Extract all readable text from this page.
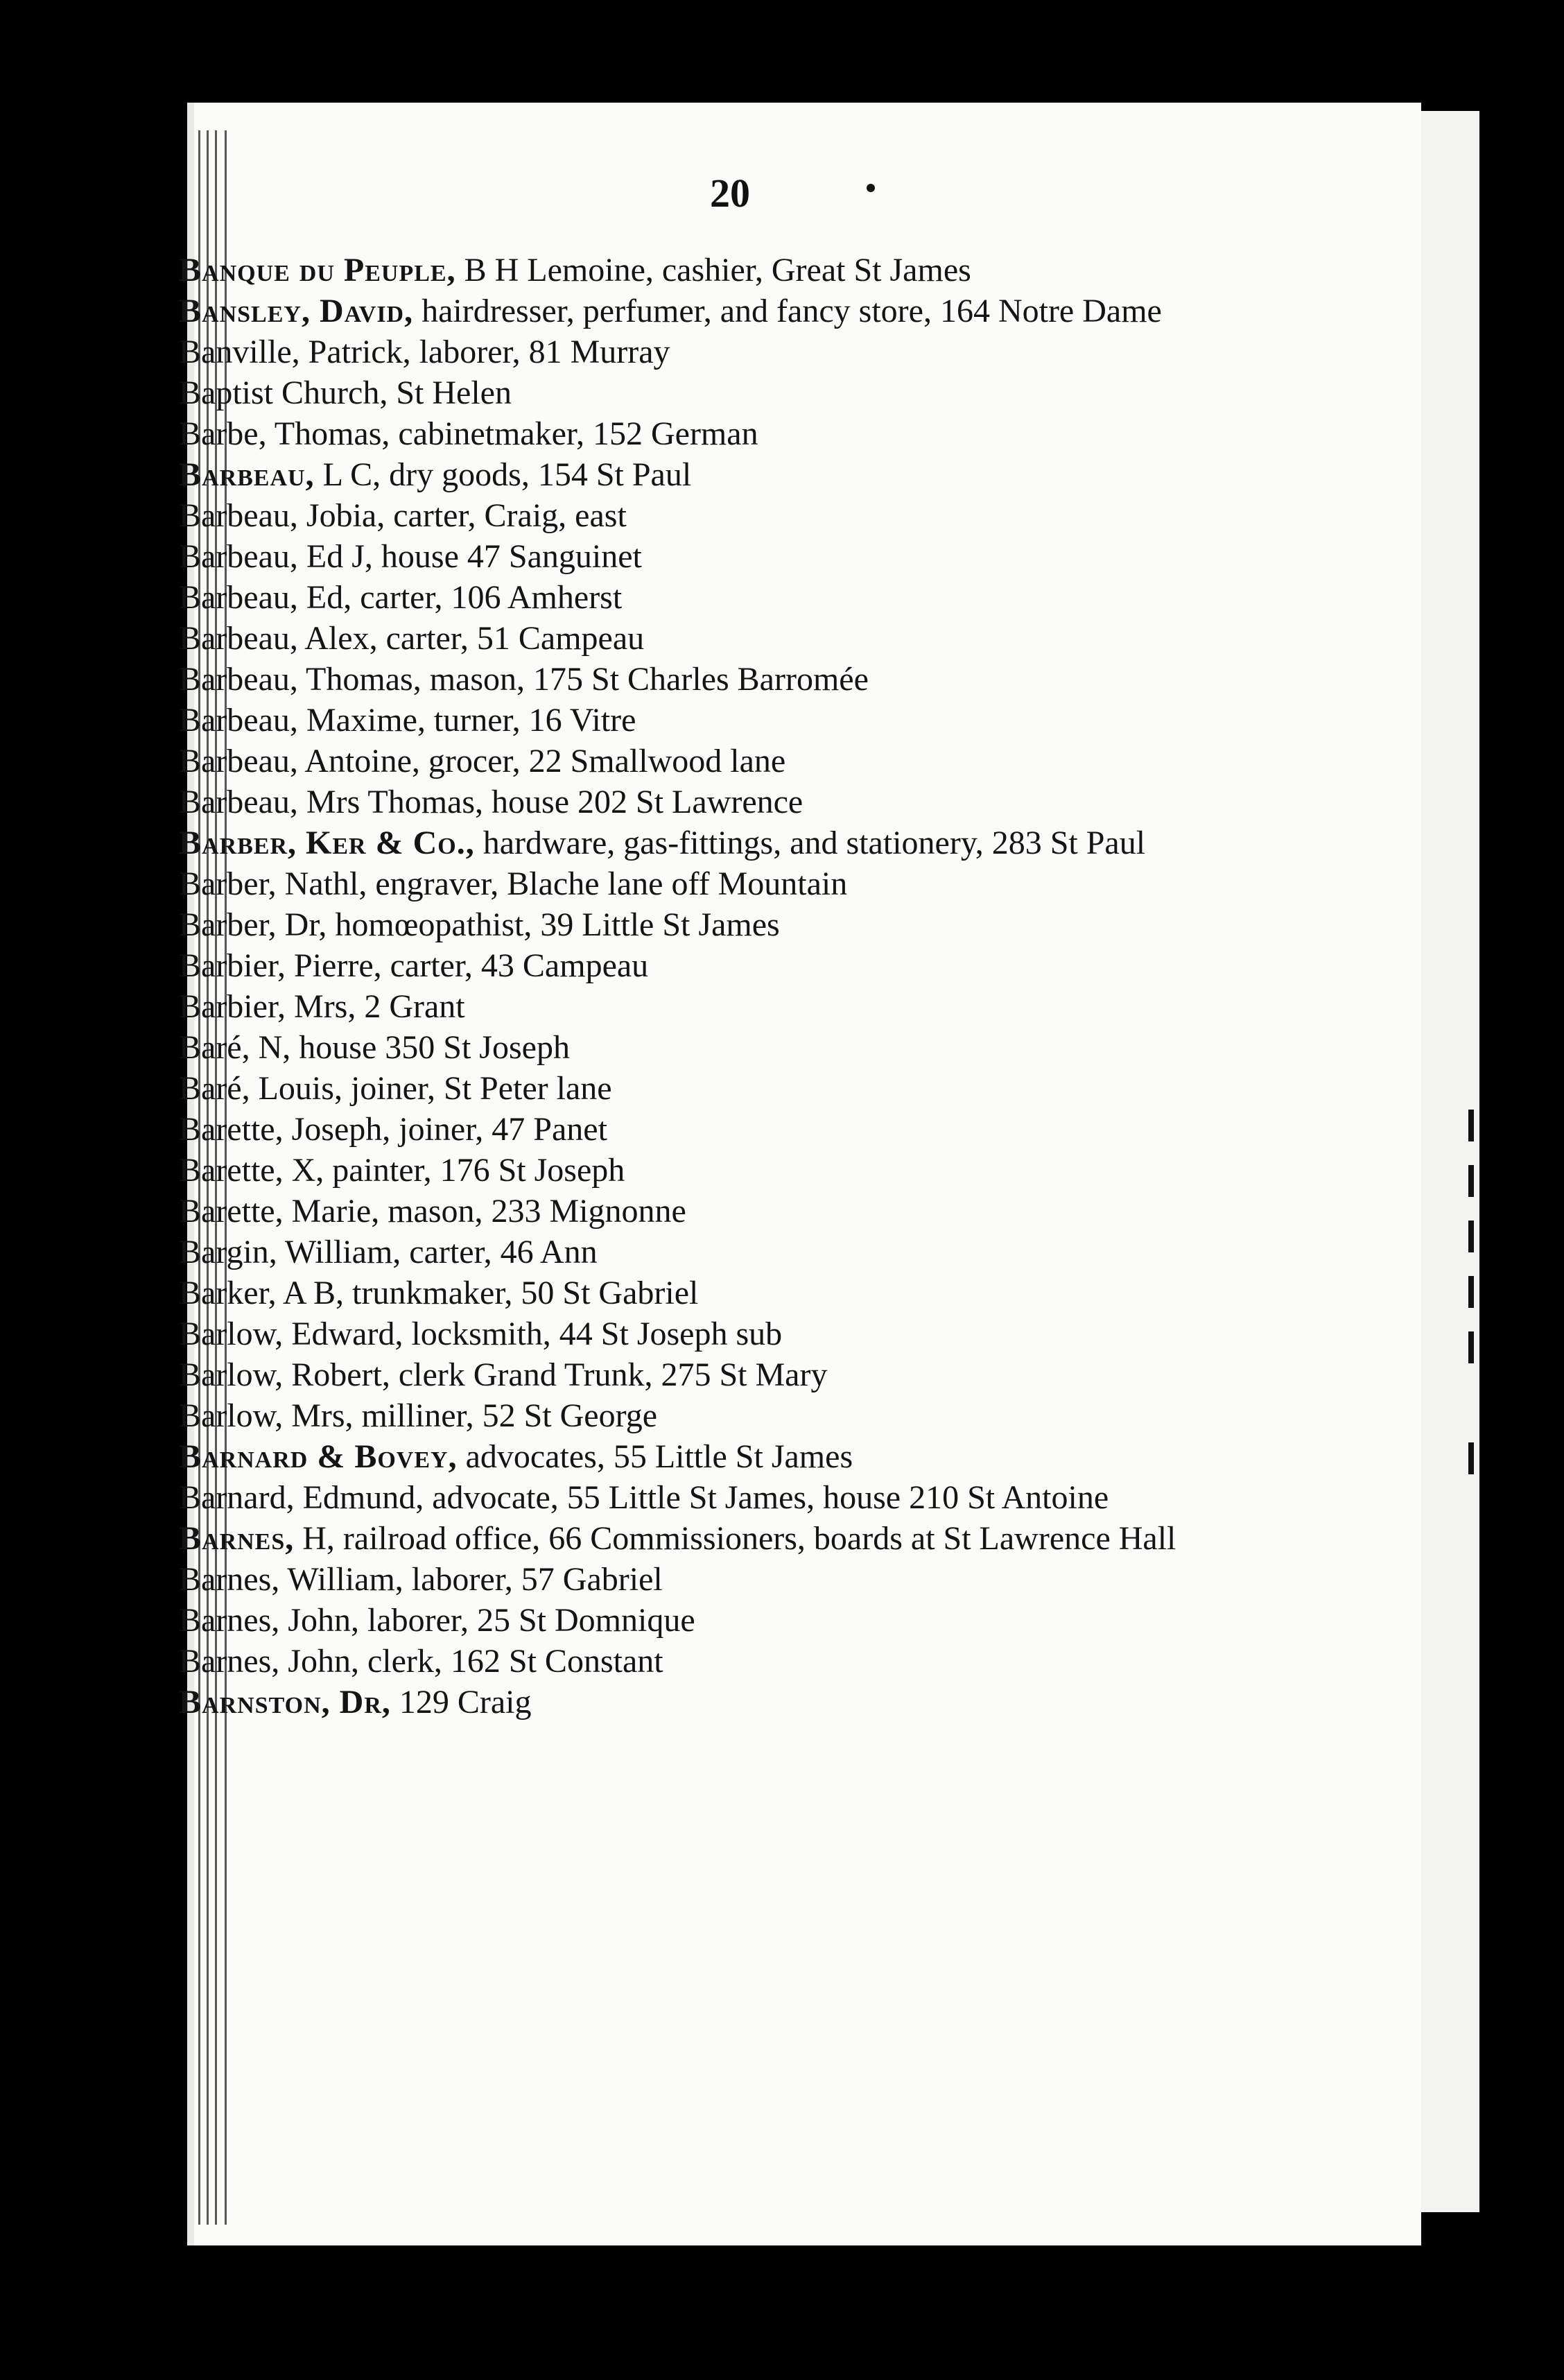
20
Banque du Peuple, B H Lemoine, cashier, Great St James
Bansley, David, hairdresser, perfumer, and fancy store, 164 Notre Dame
Banville, Patrick, laborer, 81 Murray
Baptist Church, St Helen
Barbe, Thomas, cabinetmaker, 152 German
Barbeau, L C, dry goods, 154 St Paul
Barbeau, Jobia, carter, Craig, east
Barbeau, Ed J, house 47 Sanguinet
Barbeau, Ed, carter, 106 Amherst
Barbeau, Alex, carter, 51 Campeau
Barbeau, Thomas, mason, 175 St Charles Barromée
Barbeau, Maxime, turner, 16 Vitre
Barbeau, Antoine, grocer, 22 Smallwood lane
Barbeau, Mrs Thomas, house 202 St Lawrence
Barber, Ker & Co., hardware, gas-fittings, and stationery, 283 St Paul
Barber, Nathl, engraver, Blache lane off Mountain
Barber, Dr, homœopathist, 39 Little St James
Barbier, Pierre, carter, 43 Campeau
Barbier, Mrs, 2 Grant
Baré, N, house 350 St Joseph
Baré, Louis, joiner, St Peter lane
Barette, Joseph, joiner, 47 Panet
Barette, X, painter, 176 St Joseph
Barette, Marie, mason, 233 Mignonne
Bargin, William, carter, 46 Ann
Barker, A B, trunkmaker, 50 St Gabriel
Barlow, Edward, locksmith, 44 St Joseph sub
Barlow, Robert, clerk Grand Trunk, 275 St Mary
Barlow, Mrs, milliner, 52 St George
Barnard & Bovey, advocates, 55 Little St James
Barnard, Edmund, advocate, 55 Little St James, house 210 St Antoine
Barnes, H, railroad office, 66 Commissioners, boards at St Lawrence Hall
Barnes, William, laborer, 57 Gabriel
Barnes, John, laborer, 25 St Domnique
Barnes, John, clerk, 162 St Constant
Barnston, Dr, 129 Craig
